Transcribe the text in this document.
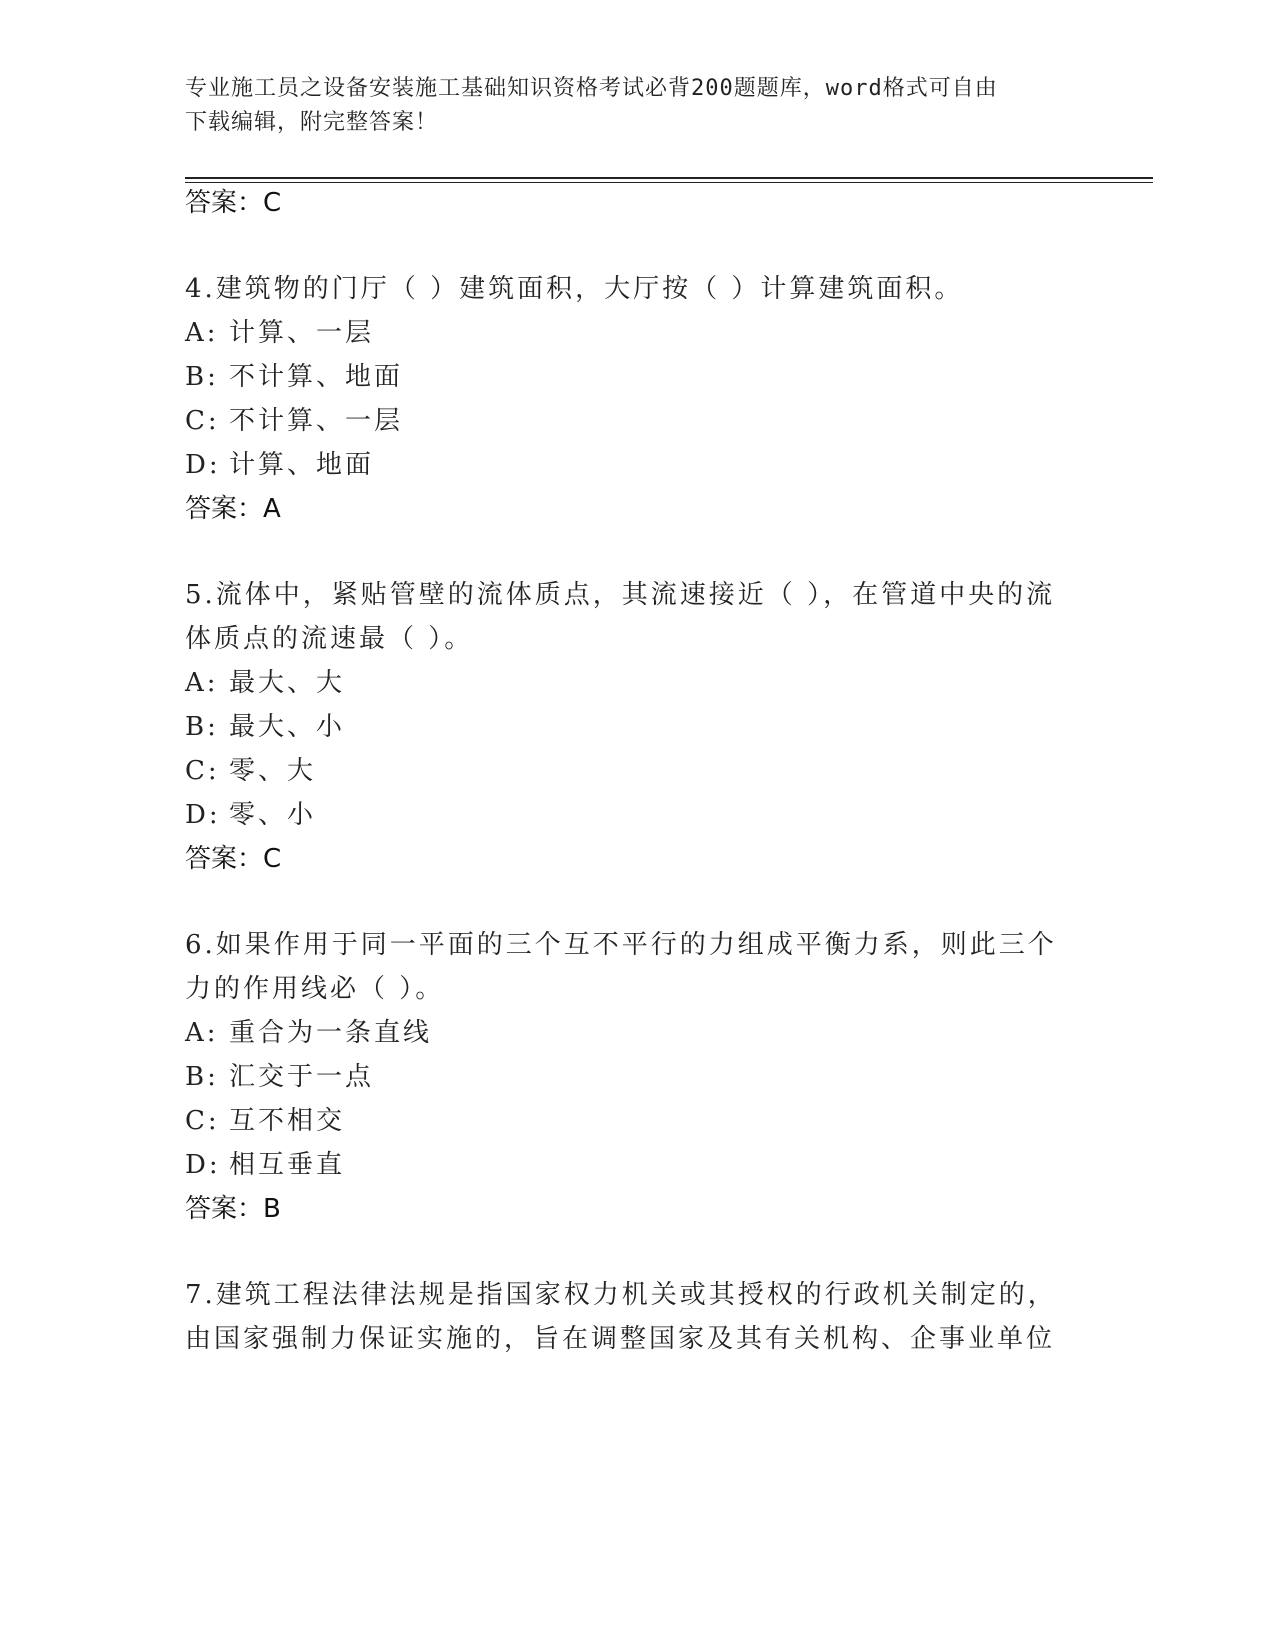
专业施工员之设备安装施工基础知识资格考试必背200题题库，word格式可自由
下载编辑，附完整答案！
答案：C
4.建筑物的门厅（ ）建筑面积，大厅按（ ）计算建筑面积。
A: 计算、一层
B: 不计算、地面
C: 不计算、一层
D: 计算、地面
答案：A
5.流体中，紧贴管壁的流体质点，其流速接近（ ），在管道中央的流
体质点的流速最（ ）。
A: 最大、大
B: 最大、小
C: 零、大
D: 零、小
答案：C
6.如果作用于同一平面的三个互不平行的力组成平衡力系，则此三个
力的作用线必（ ）。
A: 重合为一条直线
B: 汇交于一点
C: 互不相交
D: 相互垂直
答案：B
7.建筑工程法律法规是指国家权力机关或其授权的行政机关制定的，
由国家强制力保证实施的，旨在调整国家及其有关机构、企事业单位
